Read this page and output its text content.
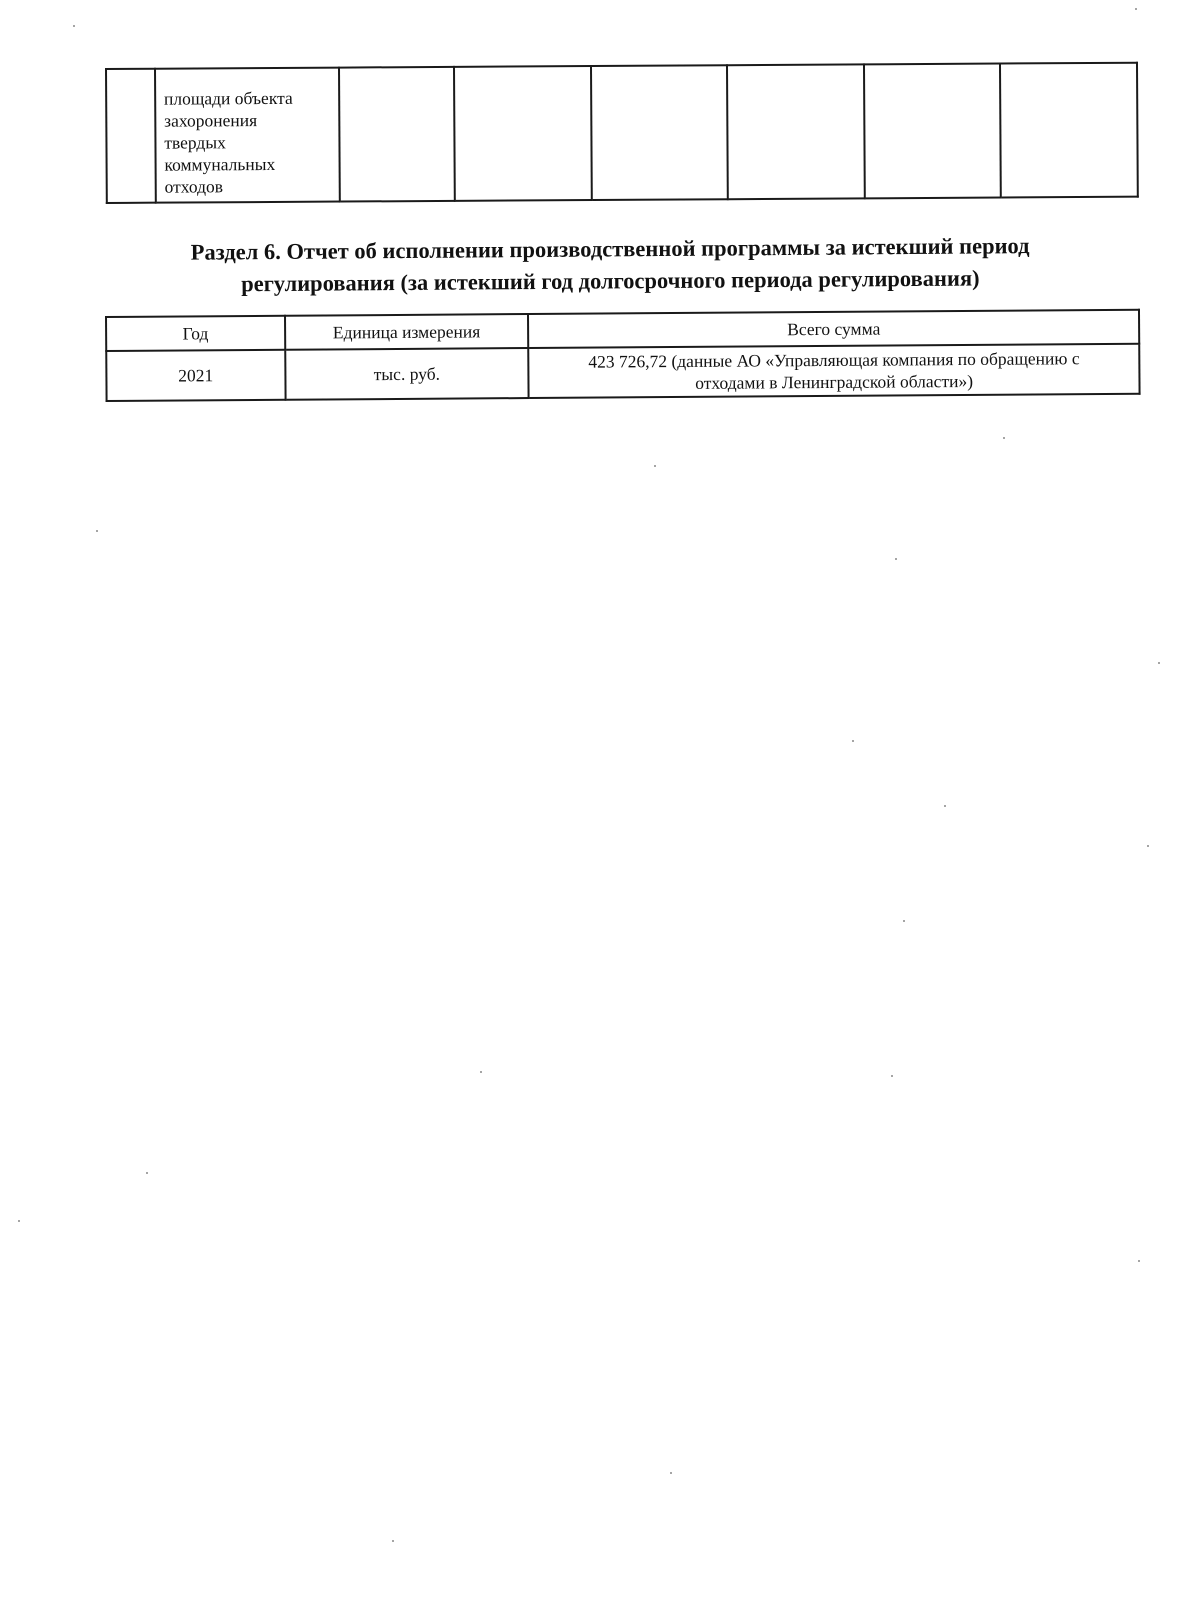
площади объекта
захоронения
твердых
коммунальных
отходов

Раздел 6. Отчет об исполнении производственной программы за истекший период
регулирования (за истекший год долгосрочного периода регулирования)
Год	Единица измерения	Всего сумма
2021	тыс. руб.	423 726,72 (данные АО «Управляющая компания по обращению с
отходами в Ленинградской области»)
